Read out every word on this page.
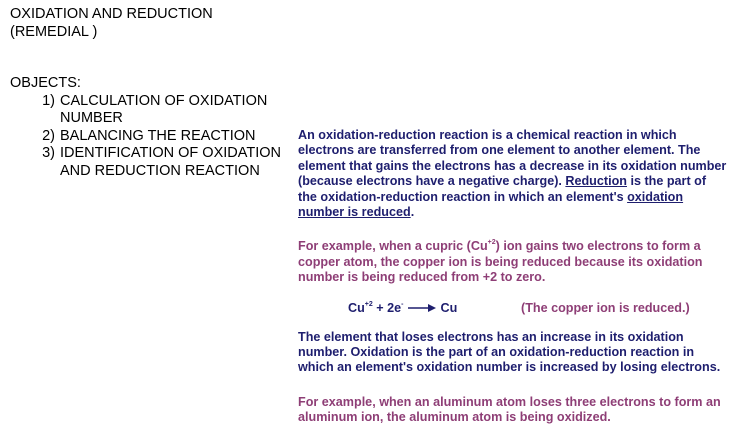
OXIDATION AND REDUCTION
(REMEDIAL )
OBJECTS:
1) CALCULATION OF OXIDATION NUMBER
2) BALANCING THE REACTION
3) IDENTIFICATION OF OXIDATION AND REDUCTION REACTION

An oxidation-reduction reaction is a chemical reaction in which electrons are transferred from one element to another element. The element that gains the electrons has a decrease in its oxidation number (because electrons have a negative charge). Reduction is the part of the oxidation-reduction reaction in which an element's oxidation number is reduced.

For example, when a cupric $(Cu^{+2})$ ion gains two electrons to form a copper atom, the copper ion is being reduced because its oxidation number is being reduced from +2 to zero.

$Cu^{+2} + 2e^-$	Cu	(The copper ion is reduced.)

The element that loses electrons has an increase in its oxidation number. Oxidation is the part of an oxidation-reduction reaction in which an element's oxidation number is increased by losing electrons.

For example, when an aluminum atom loses three electrons to form an aluminum ion, the aluminum atom is being oxidized.
